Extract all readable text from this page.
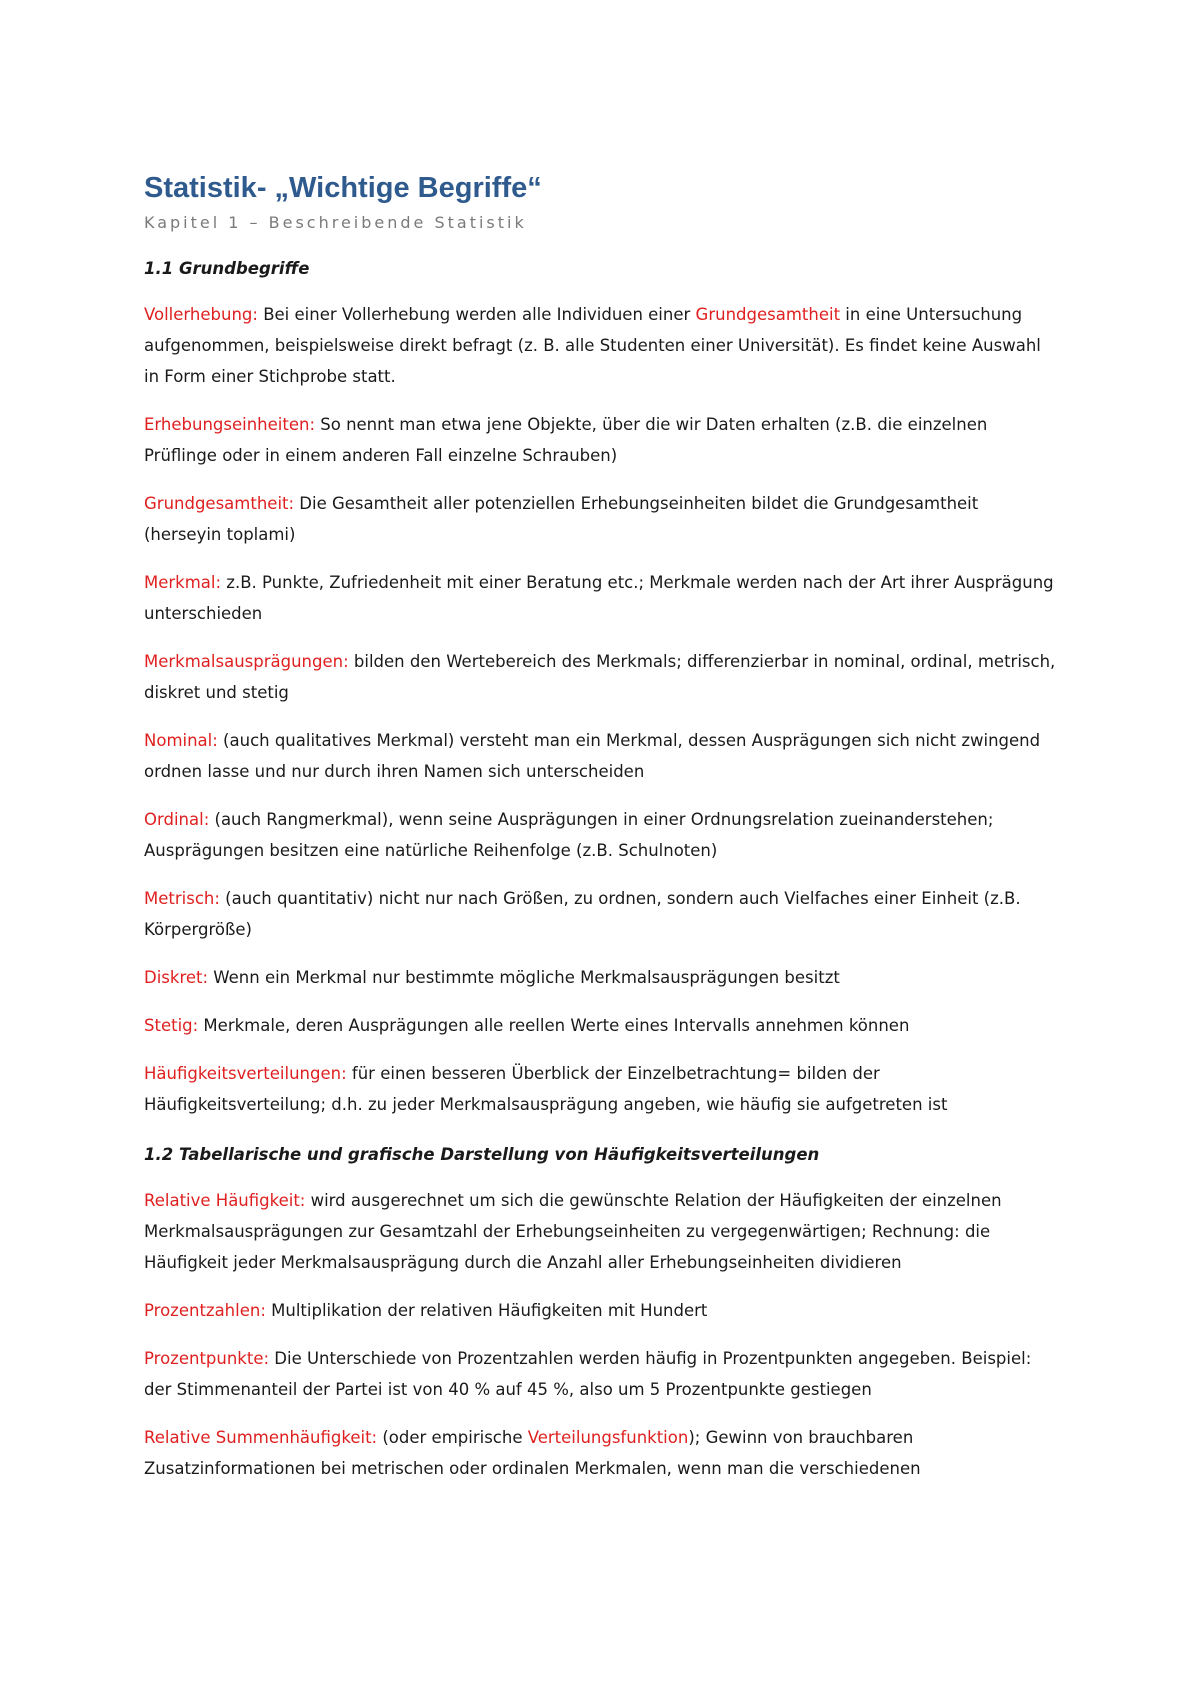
Statistik- „Wichtige Begriffe“
Kapitel 1 – Beschreibende Statistik
1.1 Grundbegriffe

Vollerhebung: Bei einer Vollerhebung werden alle Individuen einer Grundgesamtheit in eine Untersuchung aufgenommen, beispielsweise direkt befragt (z. B. alle Studenten einer Universität). Es findet keine Auswahl in Form einer Stichprobe statt.

Erhebungseinheiten: So nennt man etwa jene Objekte, über die wir Daten erhalten (z.B. die einzelnen Prüflinge oder in einem anderen Fall einzelne Schrauben)

Grundgesamtheit: Die Gesamtheit aller potenziellen Erhebungseinheiten bildet die Grundgesamtheit (herseyin toplami)

Merkmal: z.B. Punkte, Zufriedenheit mit einer Beratung etc.; Merkmale werden nach der Art ihrer Ausprägung unterschieden

Merkmalsausprägungen: bilden den Wertebereich des Merkmals; differenzierbar in nominal, ordinal, metrisch, diskret und stetig

Nominal: (auch qualitatives Merkmal) versteht man ein Merkmal, dessen Ausprägungen sich nicht zwingend ordnen lasse und nur durch ihren Namen sich unterscheiden

Ordinal: (auch Rangmerkmal), wenn seine Ausprägungen in einer Ordnungsrelation zueinanderstehen; Ausprägungen besitzen eine natürliche Reihenfolge (z.B. Schulnoten)

Metrisch: (auch quantitativ) nicht nur nach Größen, zu ordnen, sondern auch Vielfaches einer Einheit (z.B. Körpergröße)

Diskret: Wenn ein Merkmal nur bestimmte mögliche Merkmalsausprägungen besitzt

Stetig: Merkmale, deren Ausprägungen alle reellen Werte eines Intervalls annehmen können

Häufigkeitsverteilungen: für einen besseren Überblick der Einzelbetrachtung= bilden der Häufigkeitsverteilung; d.h. zu jeder Merkmalsausprägung angeben, wie häufig sie aufgetreten ist

1.2 Tabellarische und grafische Darstellung von Häufigkeitsverteilungen

Relative Häufigkeit: wird ausgerechnet um sich die gewünschte Relation der Häufigkeiten der einzelnen Merkmalsausprägungen zur Gesamtzahl der Erhebungseinheiten zu vergegenwärtigen; Rechnung: die Häufigkeit jeder Merkmalsausprägung durch die Anzahl aller Erhebungseinheiten dividieren

Prozentzahlen: Multiplikation der relativen Häufigkeiten mit Hundert

Prozentpunkte: Die Unterschiede von Prozentzahlen werden häufig in Prozentpunkten angegeben. Beispiel: der Stimmenanteil der Partei ist von 40 % auf 45 %, also um 5 Prozentpunkte gestiegen

Relative Summenhäufigkeit: (oder empirische Verteilungsfunktion); Gewinn von brauchbaren Zusatzinformationen bei metrischen oder ordinalen Merkmalen, wenn man die verschiedenen
